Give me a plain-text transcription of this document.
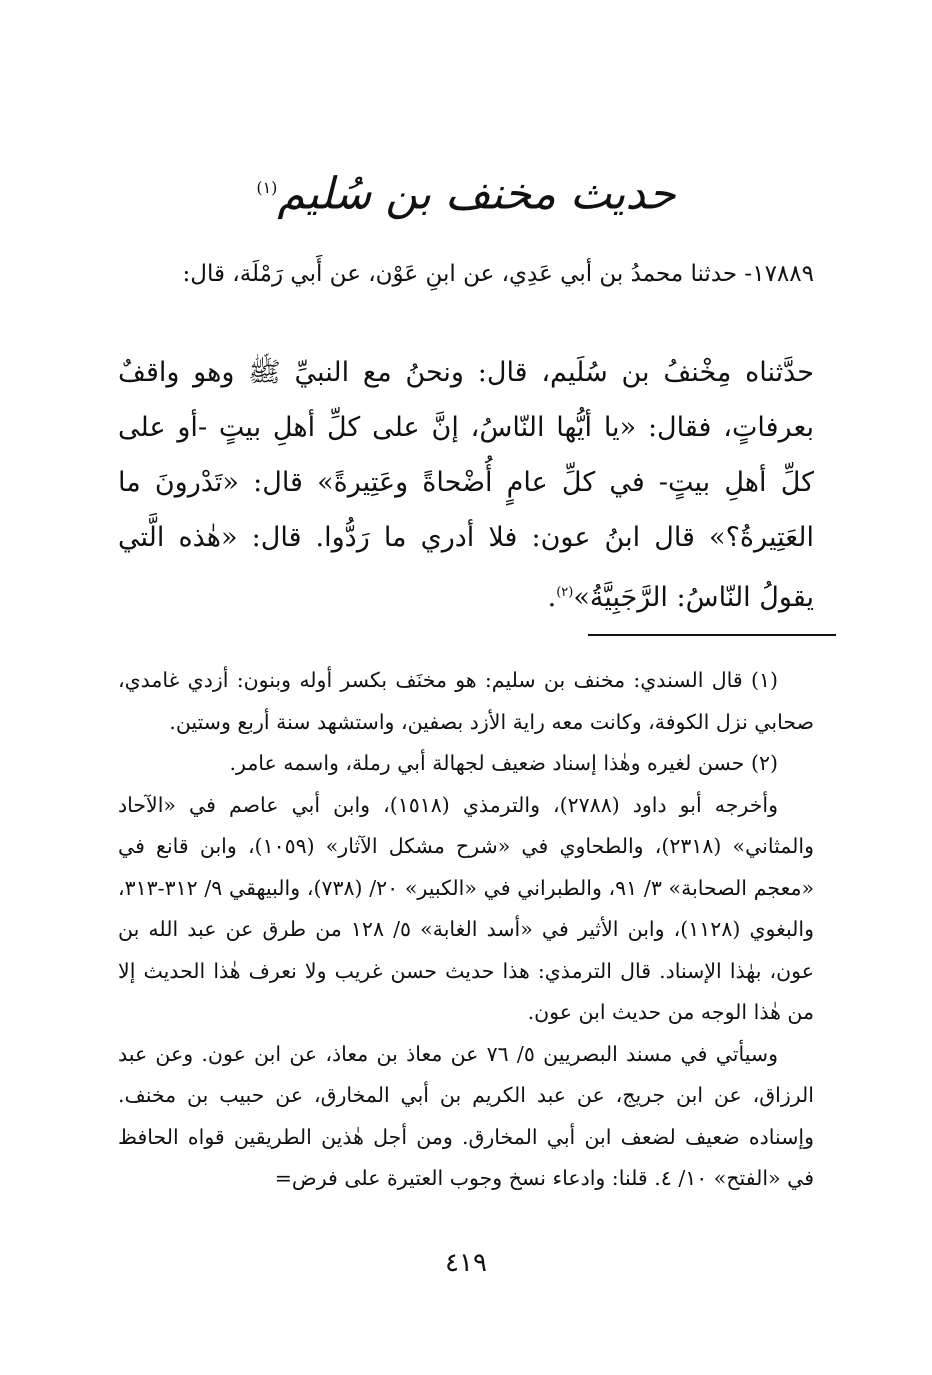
حديث مخنف بن سُليم$^{(١)}$
١٧٨٨٩- حدثنا محمدُ بن أبي عَدِي، عن ابنِ عَوْن، عن أَبي رَمْلَة، قال:
حدَّثناه مِخْنفُ بن سُلَيم، قال: ونحنُ مع النبيِّ ﷺ وهو واقفٌ بعرفاتٍ، فقال: «يا أيُّها النّاسُ، إنَّ على كلِّ أهلِ بيتٍ -أو على كلِّ أهلِ بيتٍ- في كلِّ عامٍ أُضْحاةً وعَتِيرةً» قال: «تَدْرونَ ما العَتِيرةُ؟» قال ابنُ عون: فلا أدري ما رَدُّوا. قال: «هٰذه الَّتي يقولُ النّاسُ: الرَّجَبِيَّةُ»$^{(٢)}$.

(١) قال السندي: مخنف بن سليم: هو مخنَف بكسر أوله وبنون: أزدي غامدي، صحابي نزل الكوفة، وكانت معه راية الأزد بصفين، واستشهد سنة أربع وستين.

(٢) حسن لغيره وهٰذا إسناد ضعيف لجهالة أبي رملة، واسمه عامر.

وأخرجه أبو داود (٢٧٨٨)، والترمذي (١٥١٨)، وابن أبي عاصم في «الآحاد والمثاني» (٢٣١٨)، والطحاوي في «شرح مشكل الآثار» (١٠٥٩)، وابن قانع في «معجم الصحابة» ٣/ ٩١، والطبراني في «الكبير» ٢٠/ (٧٣٨)، والبيهقي ٩/ ٣١٢-٣١٣، والبغوي (١١٢٨)، وابن الأثير في «أسد الغابة» ٥/ ١٢٨ من طرق عن عبد الله بن عون، بهٰذا الإسناد. قال الترمذي: هذا حديث حسن غريب ولا نعرف هٰذا الحديث إلا من هٰذا الوجه من حديث ابن عون.

وسيأتي في مسند البصريين ٥/ ٧٦ عن معاذ بن معاذ، عن ابن عون. وعن عبد الرزاق، عن ابن جريج، عن عبد الكريم بن أبي المخارق، عن حبيب بن مخنف. وإسناده ضعيف لضعف ابن أبي المخارق. ومن أجل هٰذين الطريقين قواه الحافظ في «الفتح» ١٠/ ٤. قلنا: وادعاء نسخ وجوب العتيرة على فرض=

٤١٩
